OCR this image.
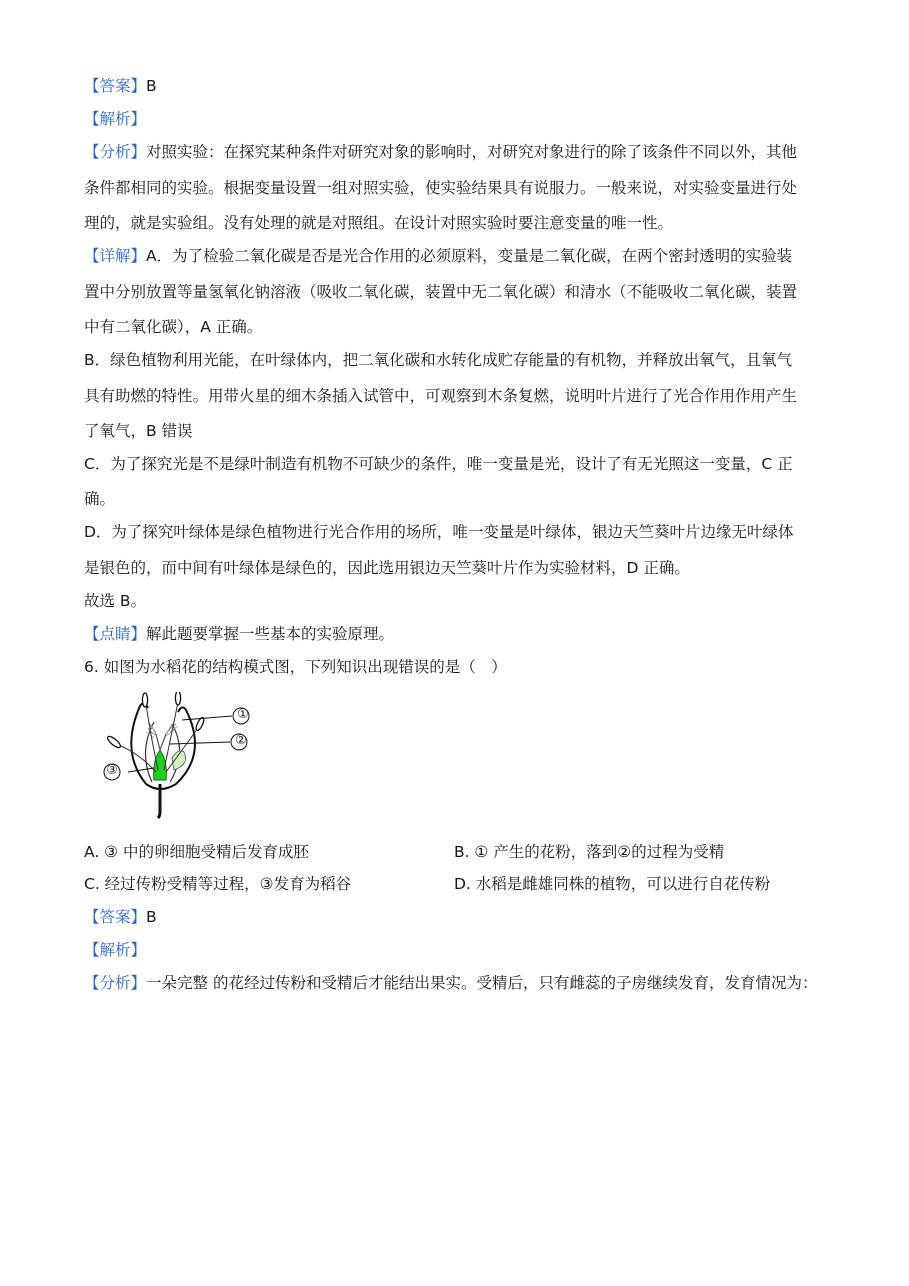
【答案】B
【解析】
【分析】对照实验：在探究某种条件对研究对象的影响时，对研究对象进行的除了该条件不同以外，其他
条件都相同的实验。根据变量设置一组对照实验，使实验结果具有说服力。一般来说，对实验变量进行处
理的，就是实验组。没有处理的就是对照组。在设计对照实验时要注意变量的唯一性。
【详解】A．为了检验二氧化碳是否是光合作用的必须原料，变量是二氧化碳，在两个密封透明的实验装
置中分别放置等量氢氧化钠溶液（吸收二氧化碳，装置中无二氧化碳）和清水（不能吸收二氧化碳，装置
中有二氧化碳），A 正确。
B．绿色植物利用光能，在叶绿体内，把二氧化碳和水转化成贮存能量的有机物，并释放出氧气，且氧气
具有助燃的特性。用带火星的细木条插入试管中，可观察到木条复燃，说明叶片进行了光合作用作用产生
了氧气，B 错误
C．为了探究光是不是绿叶制造有机物不可缺少的条件，唯一变量是光，设计了有无光照这一变量，C 正
确。
D．为了探究叶绿体是绿色植物进行光合作用的场所，唯一变量是叶绿体，银边天竺葵叶片边缘无叶绿体
是银色的，而中间有叶绿体是绿色的，因此选用银边天竺葵叶片作为实验材料，D 正确。
故选 B。
【点睛】解此题要掌握一些基本的实验原理。
6. 如图为水稻花的结构模式图，下列知识出现错误的是（　）
①
②
③
A. ③ 中的卵细胞受精后发育成胚	B. ① 产生的花粉，落到②的过程为受精
C. 经过传粉受精等过程，③发育为稻谷	D. 水稻是雌雄同株的植物，可以进行自花传粉
【答案】B
【解析】
【分析】一朵完整 的花经过传粉和受精后才能结出果实。受精后，只有雌蕊的子房继续发育，发育情况为：
